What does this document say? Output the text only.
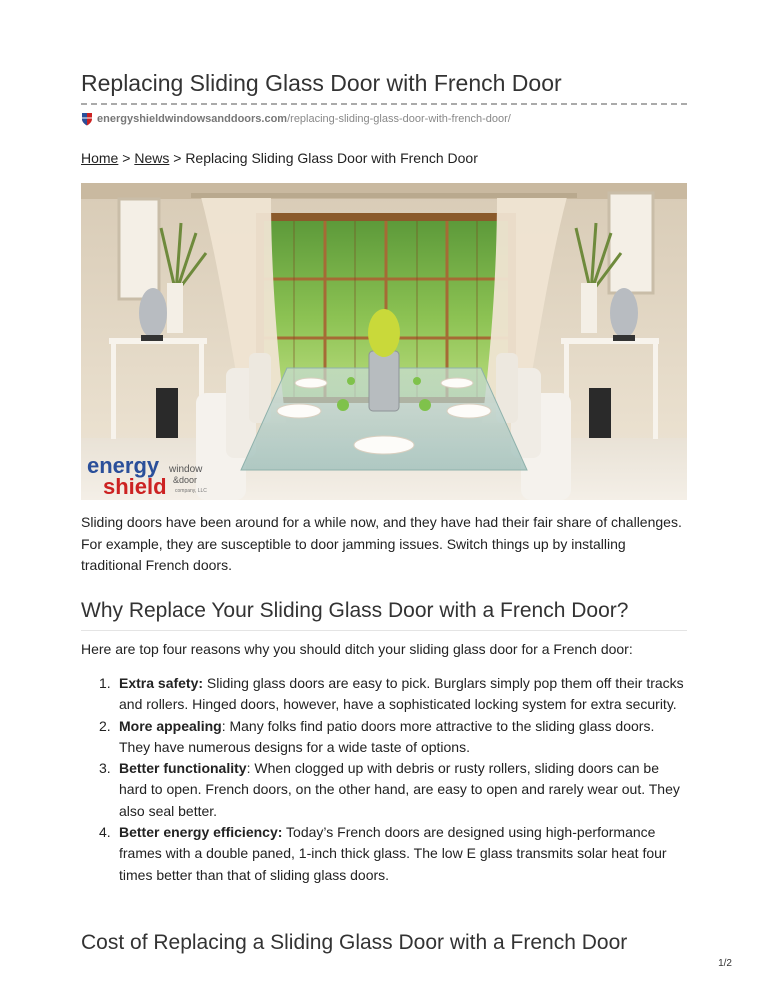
Replacing Sliding Glass Door with French Door
energyshieldwindowsanddoors.com /replacing-sliding-glass-door-with-french-door/
Home > News > Replacing Sliding Glass Door with French Door
energy
shield
window
&door
company, LLC

Sliding doors have been around for a while now, and they have had their fair share of challenges. For example, they are susceptible to door jamming issues. Switch things up by installing traditional French doors.

Why Replace Your Sliding Glass Door with a French Door?

Here are top four reasons why you should ditch your sliding glass door for a French door:

1. Extra safety: Sliding glass doors are easy to pick. Burglars simply pop them off their tracks and rollers. Hinged doors, however, have a sophisticated locking system for extra security.
2. More appealing: Many folks find patio doors more attractive to the sliding glass doors. They have numerous designs for a wide taste of options.
3. Better functionality: When clogged up with debris or rusty rollers, sliding doors can be hard to open. French doors, on the other hand, are easy to open and rarely wear out. They also seal better.
4. Better energy efficiency: Today’s French doors are designed using high-performance frames with a double paned, 1-inch thick glass. The low E glass transmits solar heat four times better than that of sliding glass doors.
Cost of Replacing a Sliding Glass Door with a French Door
1/2
